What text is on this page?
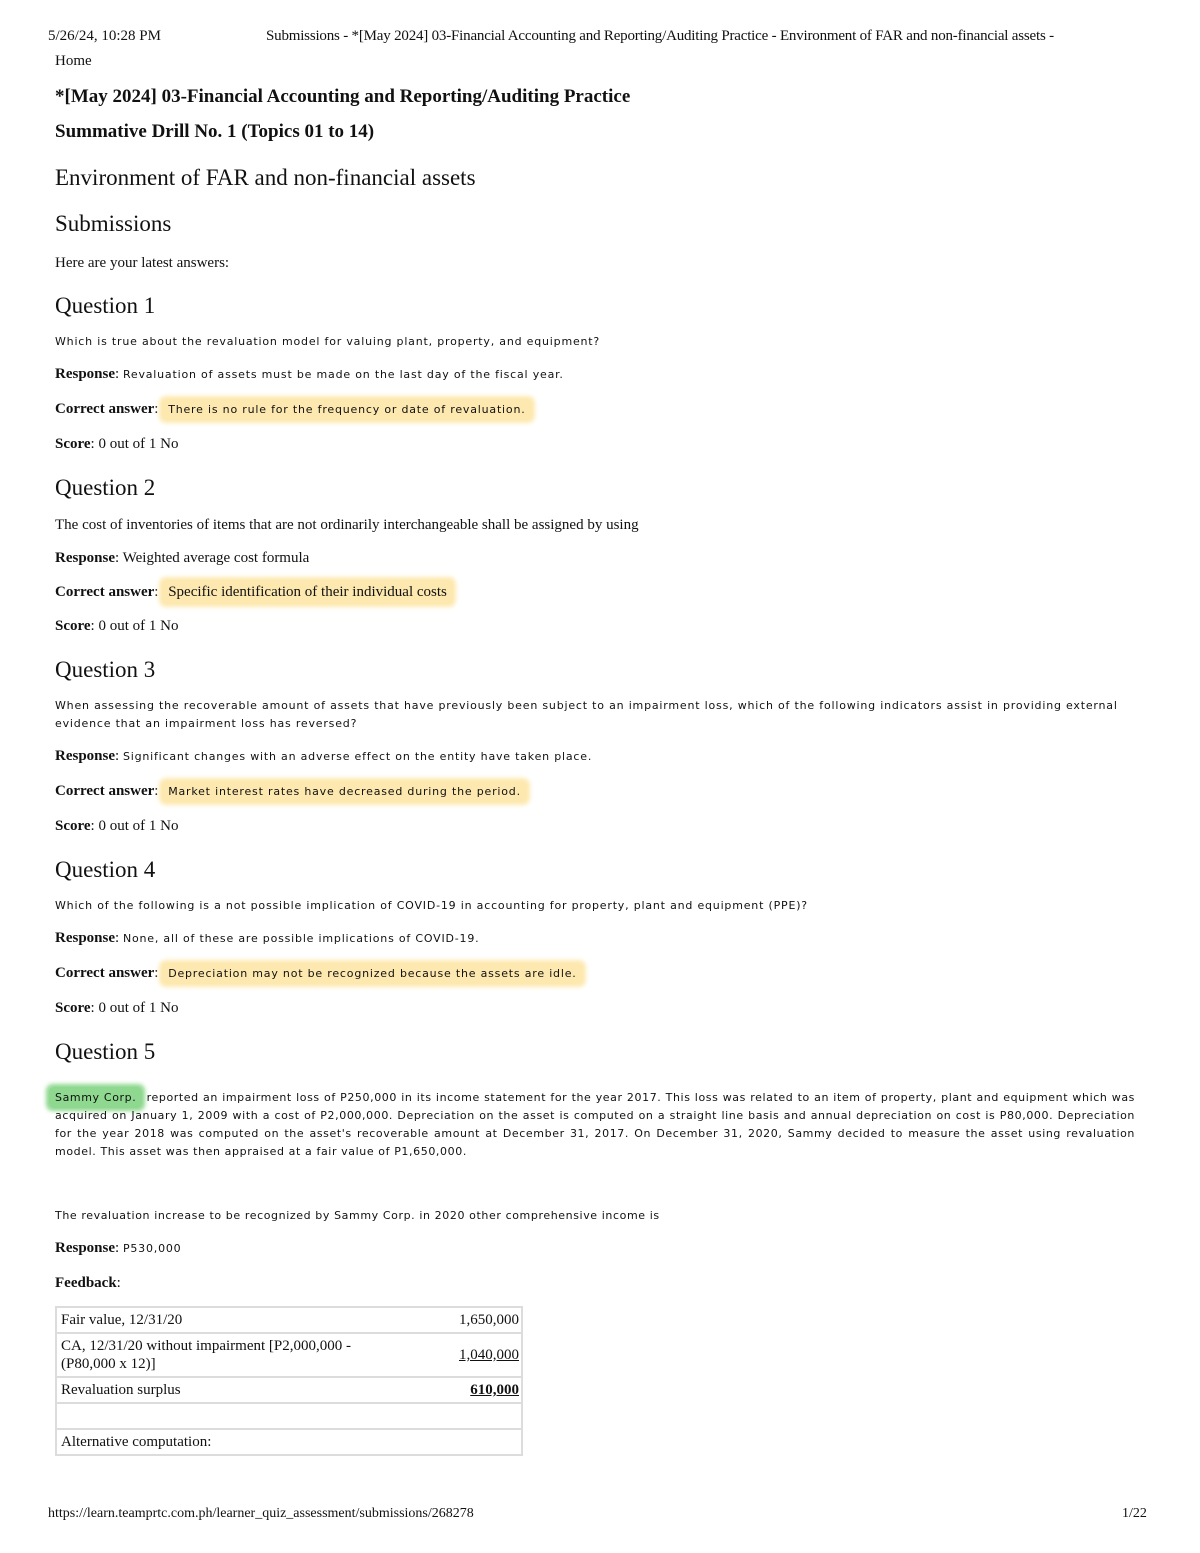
5/26/24, 10:28 PM	Submissions - *[May 2024] 03-Financial Accounting and Reporting/Auditing Practice - Environment of FAR and non-financial assets -
Home
*[May 2024] 03-Financial Accounting and Reporting/Auditing Practice
Summative Drill No. 1 (Topics 01 to 14)
Environment of FAR and non-financial assets
Submissions
Here are your latest answers:
Question 1
Which is true about the revaluation model for valuing plant, property, and equipment?
Response: Revaluation of assets must be made on the last day of the fiscal year.
Correct answer: There is no rule for the frequency or date of revaluation.
Score: 0 out of 1 No
Question 2
The cost of inventories of items that are not ordinarily interchangeable shall be assigned by using
Response: Weighted average cost formula
Correct answer: Specific identification of their individual costs
Score: 0 out of 1 No
Question 3
When assessing the recoverable amount of assets that have previously been subject to an impairment loss, which of the following indicators assist in providing external evidence that an impairment loss has reversed?
Response: Significant changes with an adverse effect on the entity have taken place.
Correct answer: Market interest rates have decreased during the period.
Score: 0 out of 1 No
Question 4
Which of the following is a not possible implication of COVID-19 in accounting for property, plant and equipment (PPE)?
Response: None, all of these are possible implications of COVID-19.
Correct answer: Depreciation may not be recognized because the assets are idle.
Score: 0 out of 1 No
Question 5
Sammy Corp. reported an impairment loss of P250,000 in its income statement for the year 2017. This loss was related to an item of property, plant and equipment which was acquired on January 1, 2009 with a cost of P2,000,000. Depreciation on the asset is computed on a straight line basis and annual depreciation on cost is P80,000. Depreciation for the year 2018 was computed on the asset's recoverable amount at December 31, 2017. On December 31, 2020, Sammy decided to measure the asset using revaluation model. This asset was then appraised at a fair value of P1,650,000.
The revaluation increase to be recognized by Sammy Corp. in 2020 other comprehensive income is
Response: P530,000
Feedback:
Fair value, 12/31/20	1,650,000
CA, 12/31/20 without impairment [P2,000,000 - (P80,000 x 12)]	1,040,000
Revaluation surplus	610,000

Alternative computation:	
https://learn.teamprtc.com.ph/learner_quiz_assessment/submissions/268278	1/22
